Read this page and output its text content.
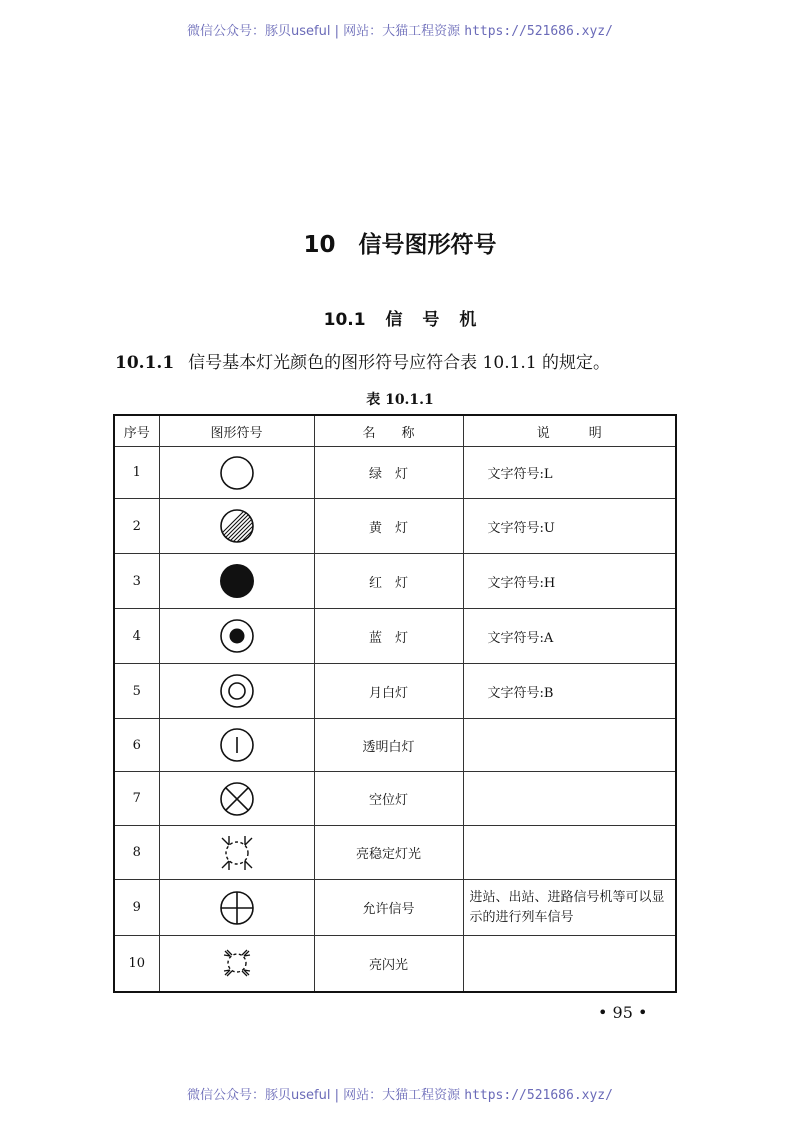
微信公众号：豚贝useful | 网站：大猫工程资源 https://521686.xyz/
10　信号图形符号
10.1 信 号 机
10.1.1 信号基本灯光颜色的图形符号应符合表 10.1.1 的规定。
表 10.1.1
序号	图形符号	名　　称	说　　　明
1		绿　灯	文字符号:L
2		黄　灯	文字符号:U
3		红　灯	文字符号:H
4		蓝　灯	文字符号:A
5		月白灯	文字符号:B
6		透明白灯	
7		空位灯	
8		亮稳定灯光	
9		允许信号	进站、出站、进路信号机等可以显示的进行列车信号
10		亮闪光	
• 95 •
微信公众号：豚贝useful | 网站：大猫工程资源 https://521686.xyz/
